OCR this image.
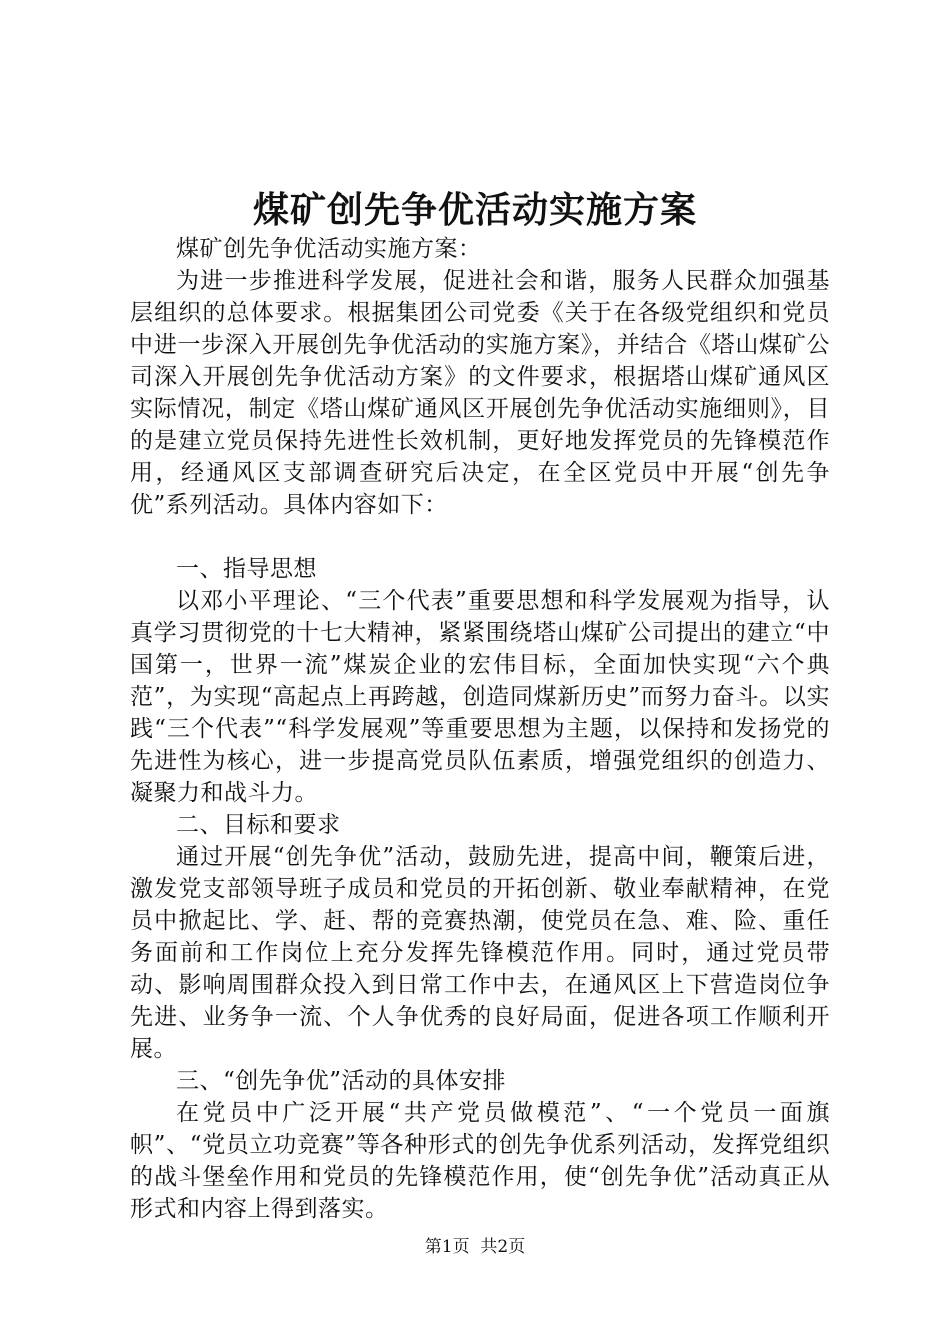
煤矿创先争优活动实施方案

煤矿创先争优活动实施方案：

为进一步推进科学发展，促进社会和谐，服务人民群众加强基层组织的总体要求。根据集团公司党委《关于在各级党组织和党员中进一步深入开展创先争优活动的实施方案》，并结合《塔山煤矿公司深入开展创先争优活动方案》的文件要求，根据塔山煤矿通风区实际情况，制定《塔山煤矿通风区开展创先争优活动实施细则》，目的是建立党员保持先进性长效机制，更好地发挥党员的先锋模范作用，经通风区支部调查研究后决定，在全区党员中开展“创先争优”系列活动。具体内容如下：

一、指导思想

以邓小平理论、“三个代表”重要思想和科学发展观为指导，认真学习贯彻党的十七大精神，紧紧围绕塔山煤矿公司提出的建立“中国第一，世界一流”煤炭企业的宏伟目标，全面加快实现“六个典范”，为实现“高起点上再跨越，创造同煤新历史”而努力奋斗。以实践“三个代表”“科学发展观”等重要思想为主题，以保持和发扬党的先进性为核心，进一步提高党员队伍素质，增强党组织的创造力、凝聚力和战斗力。

二、目标和要求

通过开展“创先争优”活动，鼓励先进，提高中间，鞭策后进，激发党支部领导班子成员和党员的开拓创新、敬业奉献精神，在党员中掀起比、学、赶、帮的竞赛热潮，使党员在急、难、险、重任务面前和工作岗位上充分发挥先锋模范作用。同时，通过党员带动、影响周围群众投入到日常工作中去，在通风区上下营造岗位争先进、业务争一流、个人争优秀的良好局面，促进各项工作顺利开展。

三、“创先争优”活动的具体安排

在党员中广泛开展“共产党员做模范”、“一个党员一面旗帜”、“党员立功竞赛”等各种形式的创先争优系列活动，发挥党组织的战斗堡垒作用和党员的先锋模范作用，使“创先争优”活动真正从形式和内容上得到落实。

第1页 共2页
